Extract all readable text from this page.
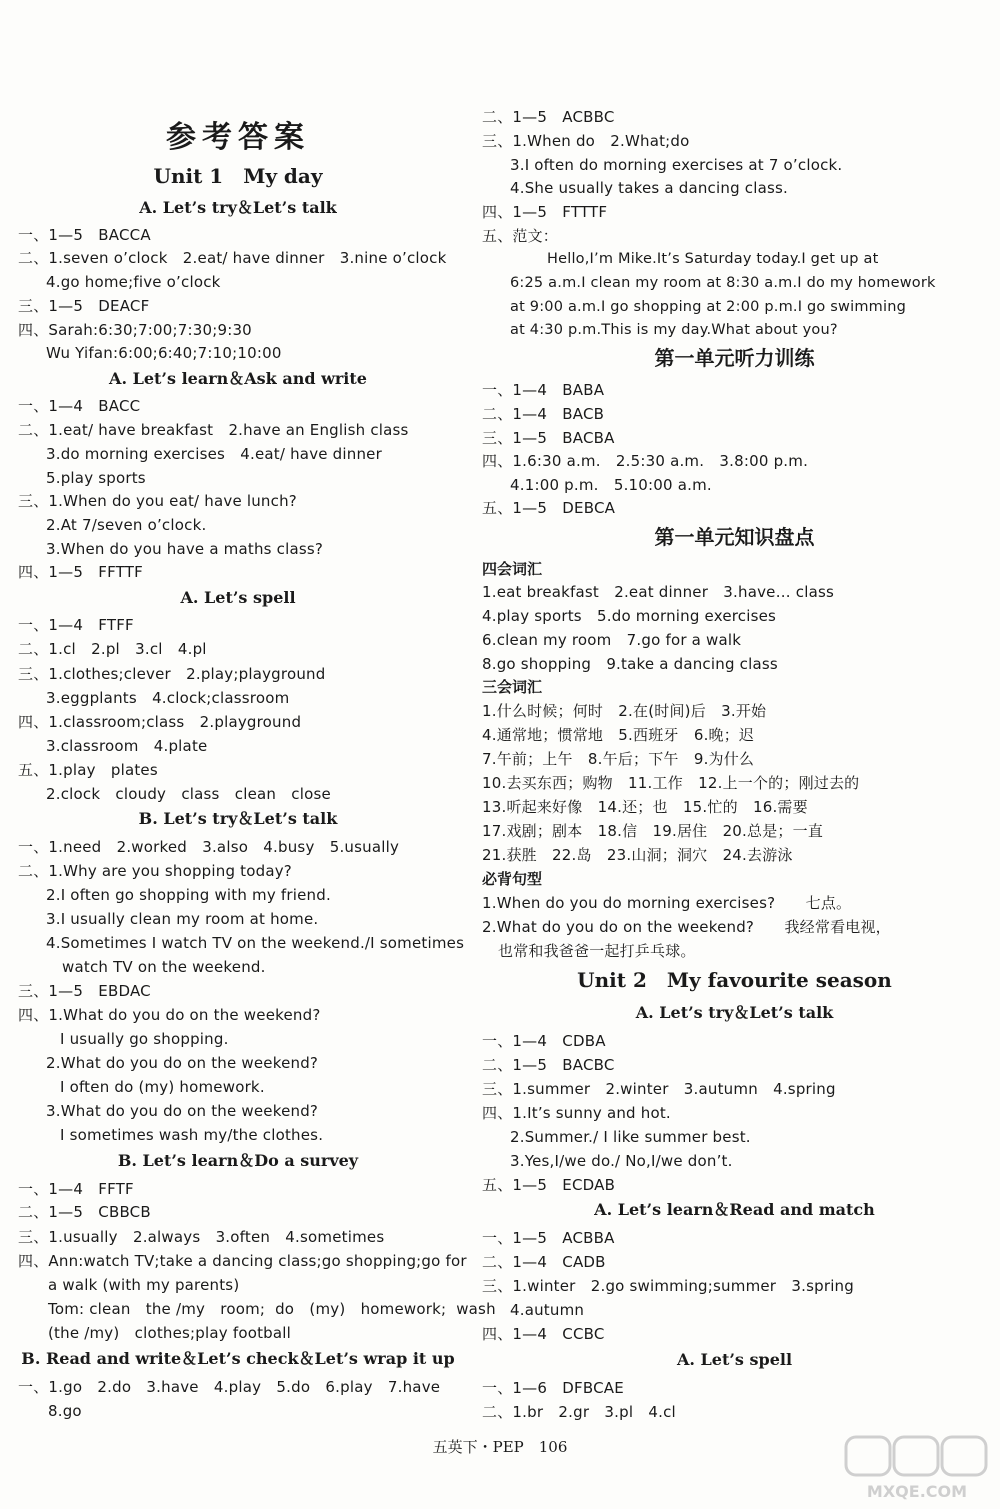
参考答案
Unit 1　My day
A. Let’s try＆Let’s talk
一、1—5　BACCA
二、1.seven o’clock　2.eat/ have dinner　3.nine o’clock
4.go home;five o’clock
三、1—5　DEACF
四、Sarah:6:30;7:00;7:30;9:30
Wu Yifan:6:00;6:40;7:10;10:00
A. Let’s learn＆Ask and write
一、1—4　BACC
二、1.eat/ have breakfast　2.have an English class
3.do morning exercises　4.eat/ have dinner
5.play sports
三、1.When do you eat/ have lunch?
2.At 7/seven o’clock.
3.When do you have a maths class?
四、1—5　FFTTF
A. Let’s spell
一、1—4　FTFF
二、1.cl　2.pl　3.cl　4.pl
三、1.clothes;clever　2.play;playground
3.eggplants　4.clock;classroom
四、1.classroom;class　2.playground
3.classroom　4.plate
五、1.play　plates
2.clock　cloudy　class　clean　close
B. Let’s try＆Let’s talk
一、1.need　2.worked　3.also　4.busy　5.usually
二、1.Why are you shopping today?
2.I often go shopping with my friend.
3.I usually clean my room at home.
4.Sometimes I watch TV on the weekend./I sometimes
watch TV on the weekend.
三、1—5　EBDAC
四、1.What do you do on the weekend?
I usually go shopping.
2.What do you do on the weekend?
I often do (my) homework.
3.What do you do on the weekend?
I sometimes wash my/the clothes.
B. Let’s learn＆Do a survey
一、1—4　FFTF
二、1—5　CBBCB
三、1.usually　2.always　3.often　4.sometimes
四、Ann:watch TV;take a dancing class;go shopping;go for
a walk (with my parents)
Tom: clean　the /my　room;  do　(my)　homework;  wash
(the /my)　clothes;play football
B. Read and write＆Let’s check＆Let’s wrap it up
一、1.go　2.do　3.have　4.play　5.do　6.play　7.have
8.go
二、1—5　ACBBC
三、1.When do　2.What;do
3.I often do morning exercises at 7 o’clock.
4.She usually takes a dancing class.
四、1—5　FTTTF
五、范文：
Hello,I’m Mike.It’s Saturday today.I get up at
6:25 a.m.I clean my room at 8:30 a.m.I do my homework
at 9:00 a.m.I go shopping at 2:00 p.m.I go swimming
at 4:30 p.m.This is my day.What about you?
第一单元听力训练
一、1—4　BABA
二、1—4　BACB
三、1—5　BACBA
四、1.6:30 a.m.　2.5:30 a.m.　3.8:00 p.m.
4.1:00 p.m.　5.10:00 a.m.
五、1—5　DEBCA
第一单元知识盘点
四会词汇
1.eat breakfast　2.eat dinner　3.have… class
4.play sports　5.do morning exercises
6.clean my room　7.go for a walk
8.go shopping　9.take a dancing class
三会词汇
1.什么时候；何时　2.在(时间)后　3.开始
4.通常地；惯常地　5.西班牙　6.晚；迟
7.午前；上午　8.午后；下午　9.为什么
10.去买东西；购物　11.工作　12.上一个的；刚过去的
13.听起来好像　14.还；也　15.忙的　16.需要
17.戏剧；剧本　18.信　19.居住　20.总是；一直
21.获胜　22.岛　23.山洞；洞穴　24.去游泳
必背句型
1.When do you do morning exercises?　　七点。
2.What do you do on the weekend?　　我经常看电视，
也常和我爸爸一起打乒乓球。
Unit 2　My favourite season
A. Let’s try＆Let’s talk
一、1—4　CDBA
二、1—5　BACBC
三、1.summer　2.winter　3.autumn　4.spring
四、1.It’s sunny and hot.
2.Summer./ I like summer best.
3.Yes,I/we do./ No,I/we don’t.
五、1—5　ECDAB
A. Let’s learn＆Read and match
一、1—5　ACBBA
二、1—4　CADB
三、1.winter　2.go swimming;summer　3.spring
4.autumn
四、1—4　CCBC
A. Let’s spell
一、1—6　DFBCAE
二、1.br　2.gr　3.pl　4.cl
五英下・PEP　106
MXQE.COM
